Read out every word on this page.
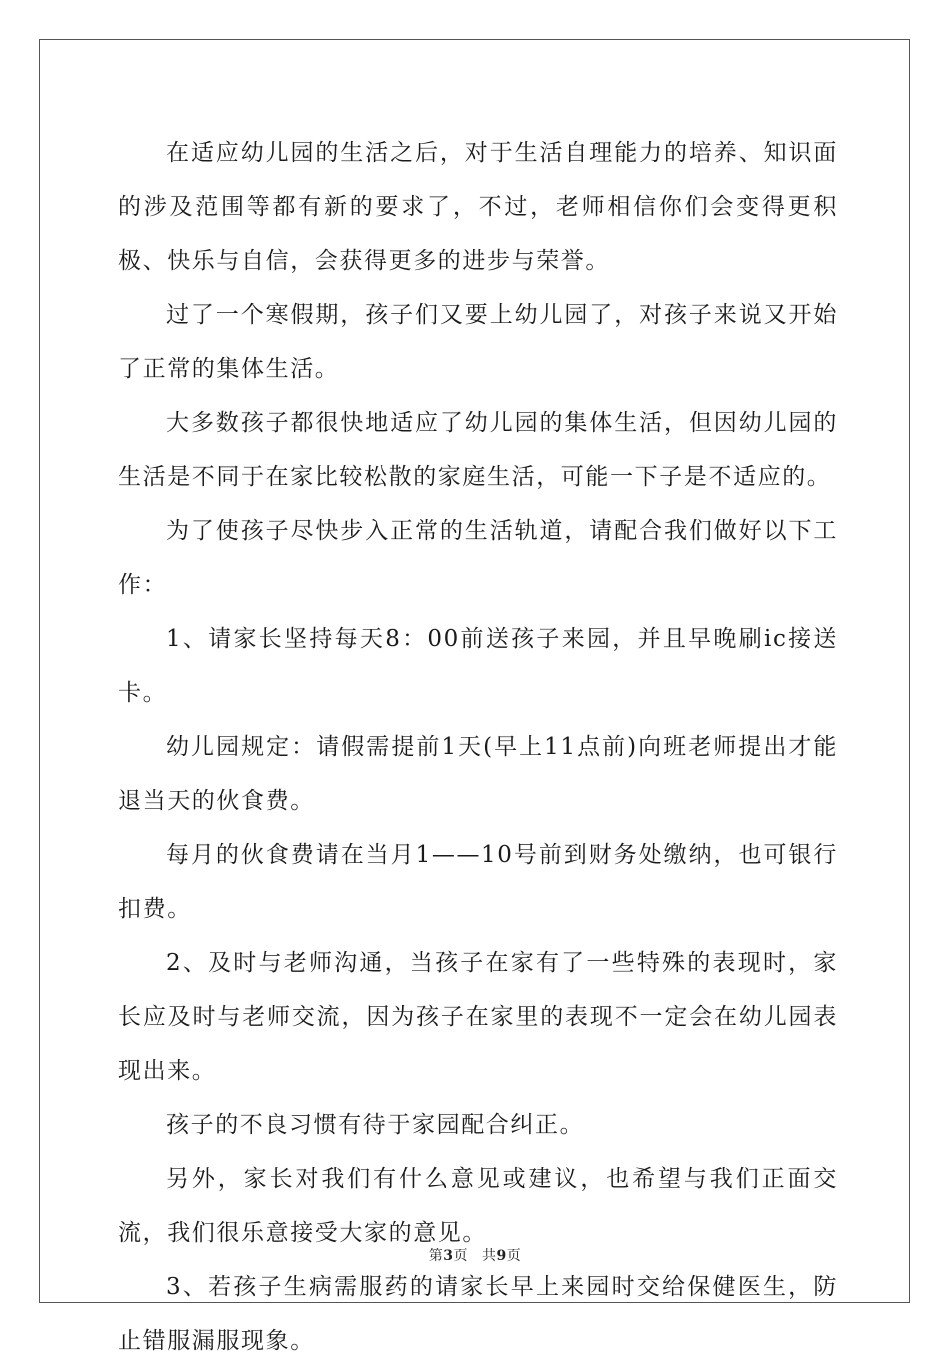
在适应幼儿园的生活之后，对于生活自理能力的培养、知识面的涉及范围等都有新的要求了，不过，老师相信你们会变得更积极、快乐与自信，会获得更多的进步与荣誉。

过了一个寒假期，孩子们又要上幼儿园了，对孩子来说又开始了正常的集体生活。

大多数孩子都很快地适应了幼儿园的集体生活，但因幼儿园的生活是不同于在家比较松散的家庭生活，可能一下子是不适应的。

为了使孩子尽快步入正常的生活轨道，请配合我们做好以下工作：

1、请家长坚持每天8：00前送孩子来园，并且早晚刷ic接送卡。

幼儿园规定：请假需提前1天(早上11点前)向班老师提出才能退当天的伙食费。

每月的伙食费请在当月1——10号前到财务处缴纳，也可银行扣费。

2、及时与老师沟通，当孩子在家有了一些特殊的表现时，家长应及时与老师交流，因为孩子在家里的表现不一定会在幼儿园表现出来。

孩子的不良习惯有待于家园配合纠正。

另外，家长对我们有什么意见或建议，也希望与我们正面交流，我们很乐意接受大家的意见。

3、若孩子生病需服药的请家长早上来园时交给保健医生，防止错服漏服现象。

第3页 共9页
